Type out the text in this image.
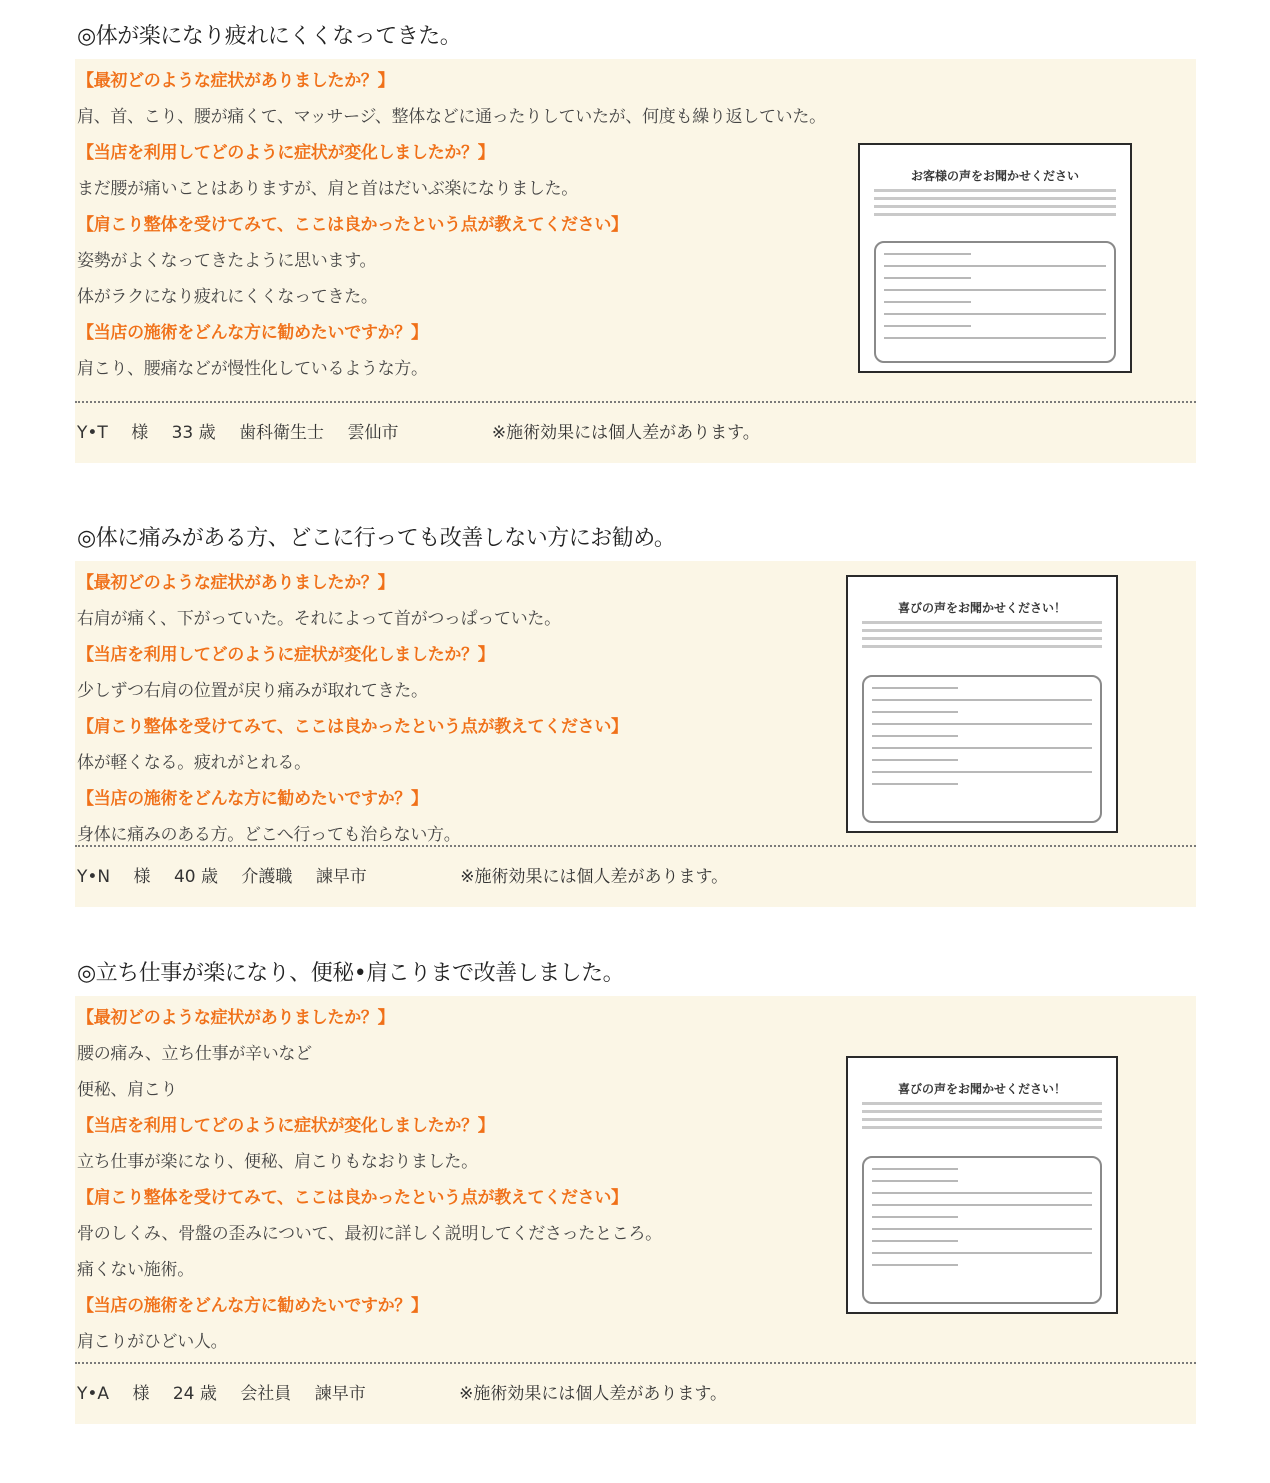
◎体が楽になり疲れにくくなってきた。
【最初どのような症状がありましたか？】
肩、首、こり、腰が痛くて、マッサージ、整体などに通ったりしていたが、何度も繰り返していた。
【当店を利用してどのように症状が変化しましたか？】
まだ腰が痛いことはありますが、肩と首はだいぶ楽になりました。
【肩こり整体を受けてみて、ここは良かったという点が教えてください】
姿勢がよくなってきたように思います。
体がラクになり疲れにくくなってきた。
【当店の施術をどんな方に勧めたいですか？】
肩こり、腰痛などが慢性化しているような方。
お客様の声をお聞かせください
Y•T 様 33 歳 歯科衛生士 雲仙市	※施術効果には個人差があります。
◎体に痛みがある方、どこに行っても改善しない方にお勧め。
【最初どのような症状がありましたか？】
右肩が痛く、下がっていた。それによって首がつっぱっていた。
【当店を利用してどのように症状が変化しましたか？】
少しずつ右肩の位置が戻り痛みが取れてきた。
【肩こり整体を受けてみて、ここは良かったという点が教えてください】
体が軽くなる。疲れがとれる。
【当店の施術をどんな方に勧めたいですか？】
身体に痛みのある方。どこへ行っても治らない方。
喜びの声をお聞かせください！
Y•N 様 40 歳 介護職 諫早市	※施術効果には個人差があります。
◎立ち仕事が楽になり、便秘•肩こりまで改善しました。
【最初どのような症状がありましたか？】
腰の痛み、立ち仕事が辛いなど
便秘、肩こり
【当店を利用してどのように症状が変化しましたか？】
立ち仕事が楽になり、便秘、肩こりもなおりました。
【肩こり整体を受けてみて、ここは良かったという点が教えてください】
骨のしくみ、骨盤の歪みについて、最初に詳しく説明してくださったところ。
痛くない施術。
【当店の施術をどんな方に勧めたいですか？】
肩こりがひどい人。
喜びの声をお聞かせください！
Y•A 様 24 歳 会社員 諫早市	※施術効果には個人差があります。
